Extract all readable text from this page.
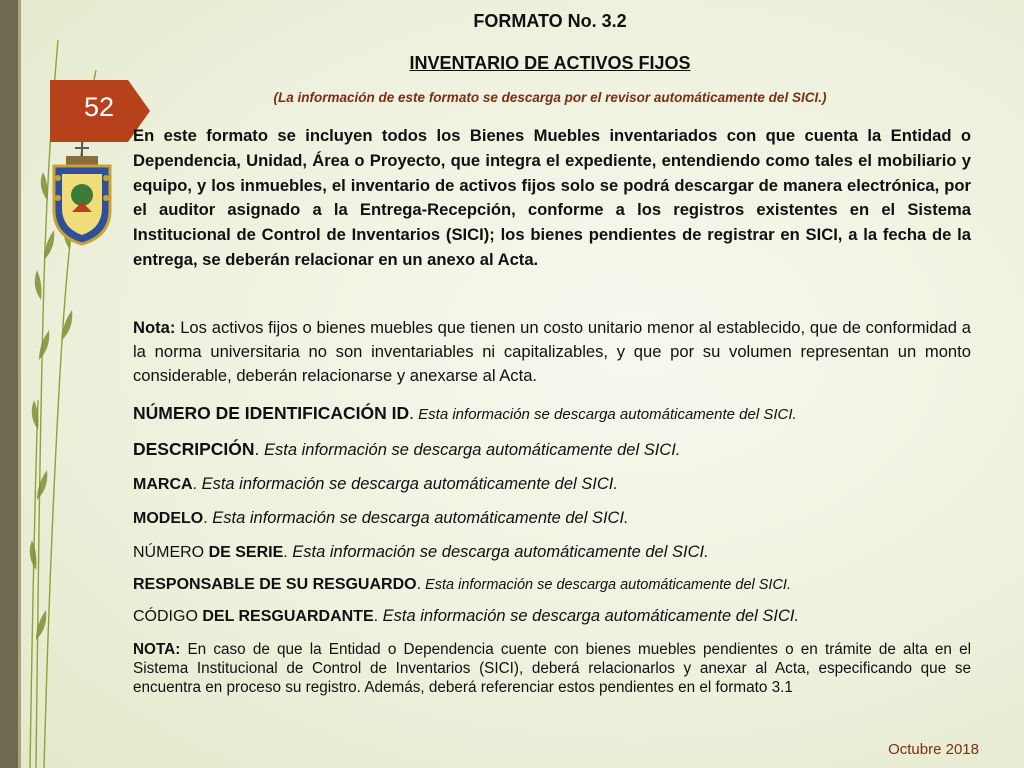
52
FORMATO No. 3.2
INVENTARIO DE ACTIVOS FIJOS
(La información de este formato se descarga por el revisor automáticamente del SICI.)
En este formato se incluyen todos los Bienes Muebles inventariados con que cuenta la Entidad o Dependencia, Unidad, Área o Proyecto, que integra el expediente, entendiendo como tales el mobiliario y equipo, y los inmuebles, el inventario de activos fijos solo se podrá descargar de manera electrónica, por el auditor asignado a la Entrega-Recepción, conforme a los registros existentes en el Sistema Institucional de Control de Inventarios (SICI); los bienes pendientes de registrar en SICI, a la fecha de la entrega, se deberán relacionar en un anexo al Acta.
Nota: Los activos fijos o bienes muebles que tienen un costo unitario menor al establecido, que de conformidad a la norma universitaria no son inventariables ni capitalizables, y que por su volumen representan un monto considerable, deberán relacionarse y anexarse al Acta.
NÚMERO DE IDENTIFICACIÓN ID. Esta información se descarga automáticamente del SICI.
DESCRIPCIÓN. Esta información se descarga automáticamente del SICI.
MARCA. Esta información se descarga automáticamente del SICI.
MODELO. Esta información se descarga automáticamente del SICI.
NÚMERO DE SERIE. Esta información se descarga automáticamente del SICI.
RESPONSABLE DE SU RESGUARDO. Esta información se descarga automáticamente del SICI.
CÓDIGO DEL RESGUARDANTE. Esta información se descarga automáticamente del SICI.
NOTA: En caso de que la Entidad o Dependencia cuente con bienes muebles pendientes o en trámite de alta en el Sistema Institucional de Control de Inventarios (SICI), deberá relacionarlos y anexar al Acta, especificando que se encuentra en proceso su registro. Además, deberá referenciar estos pendientes en el formato 3.1
Octubre 2018
